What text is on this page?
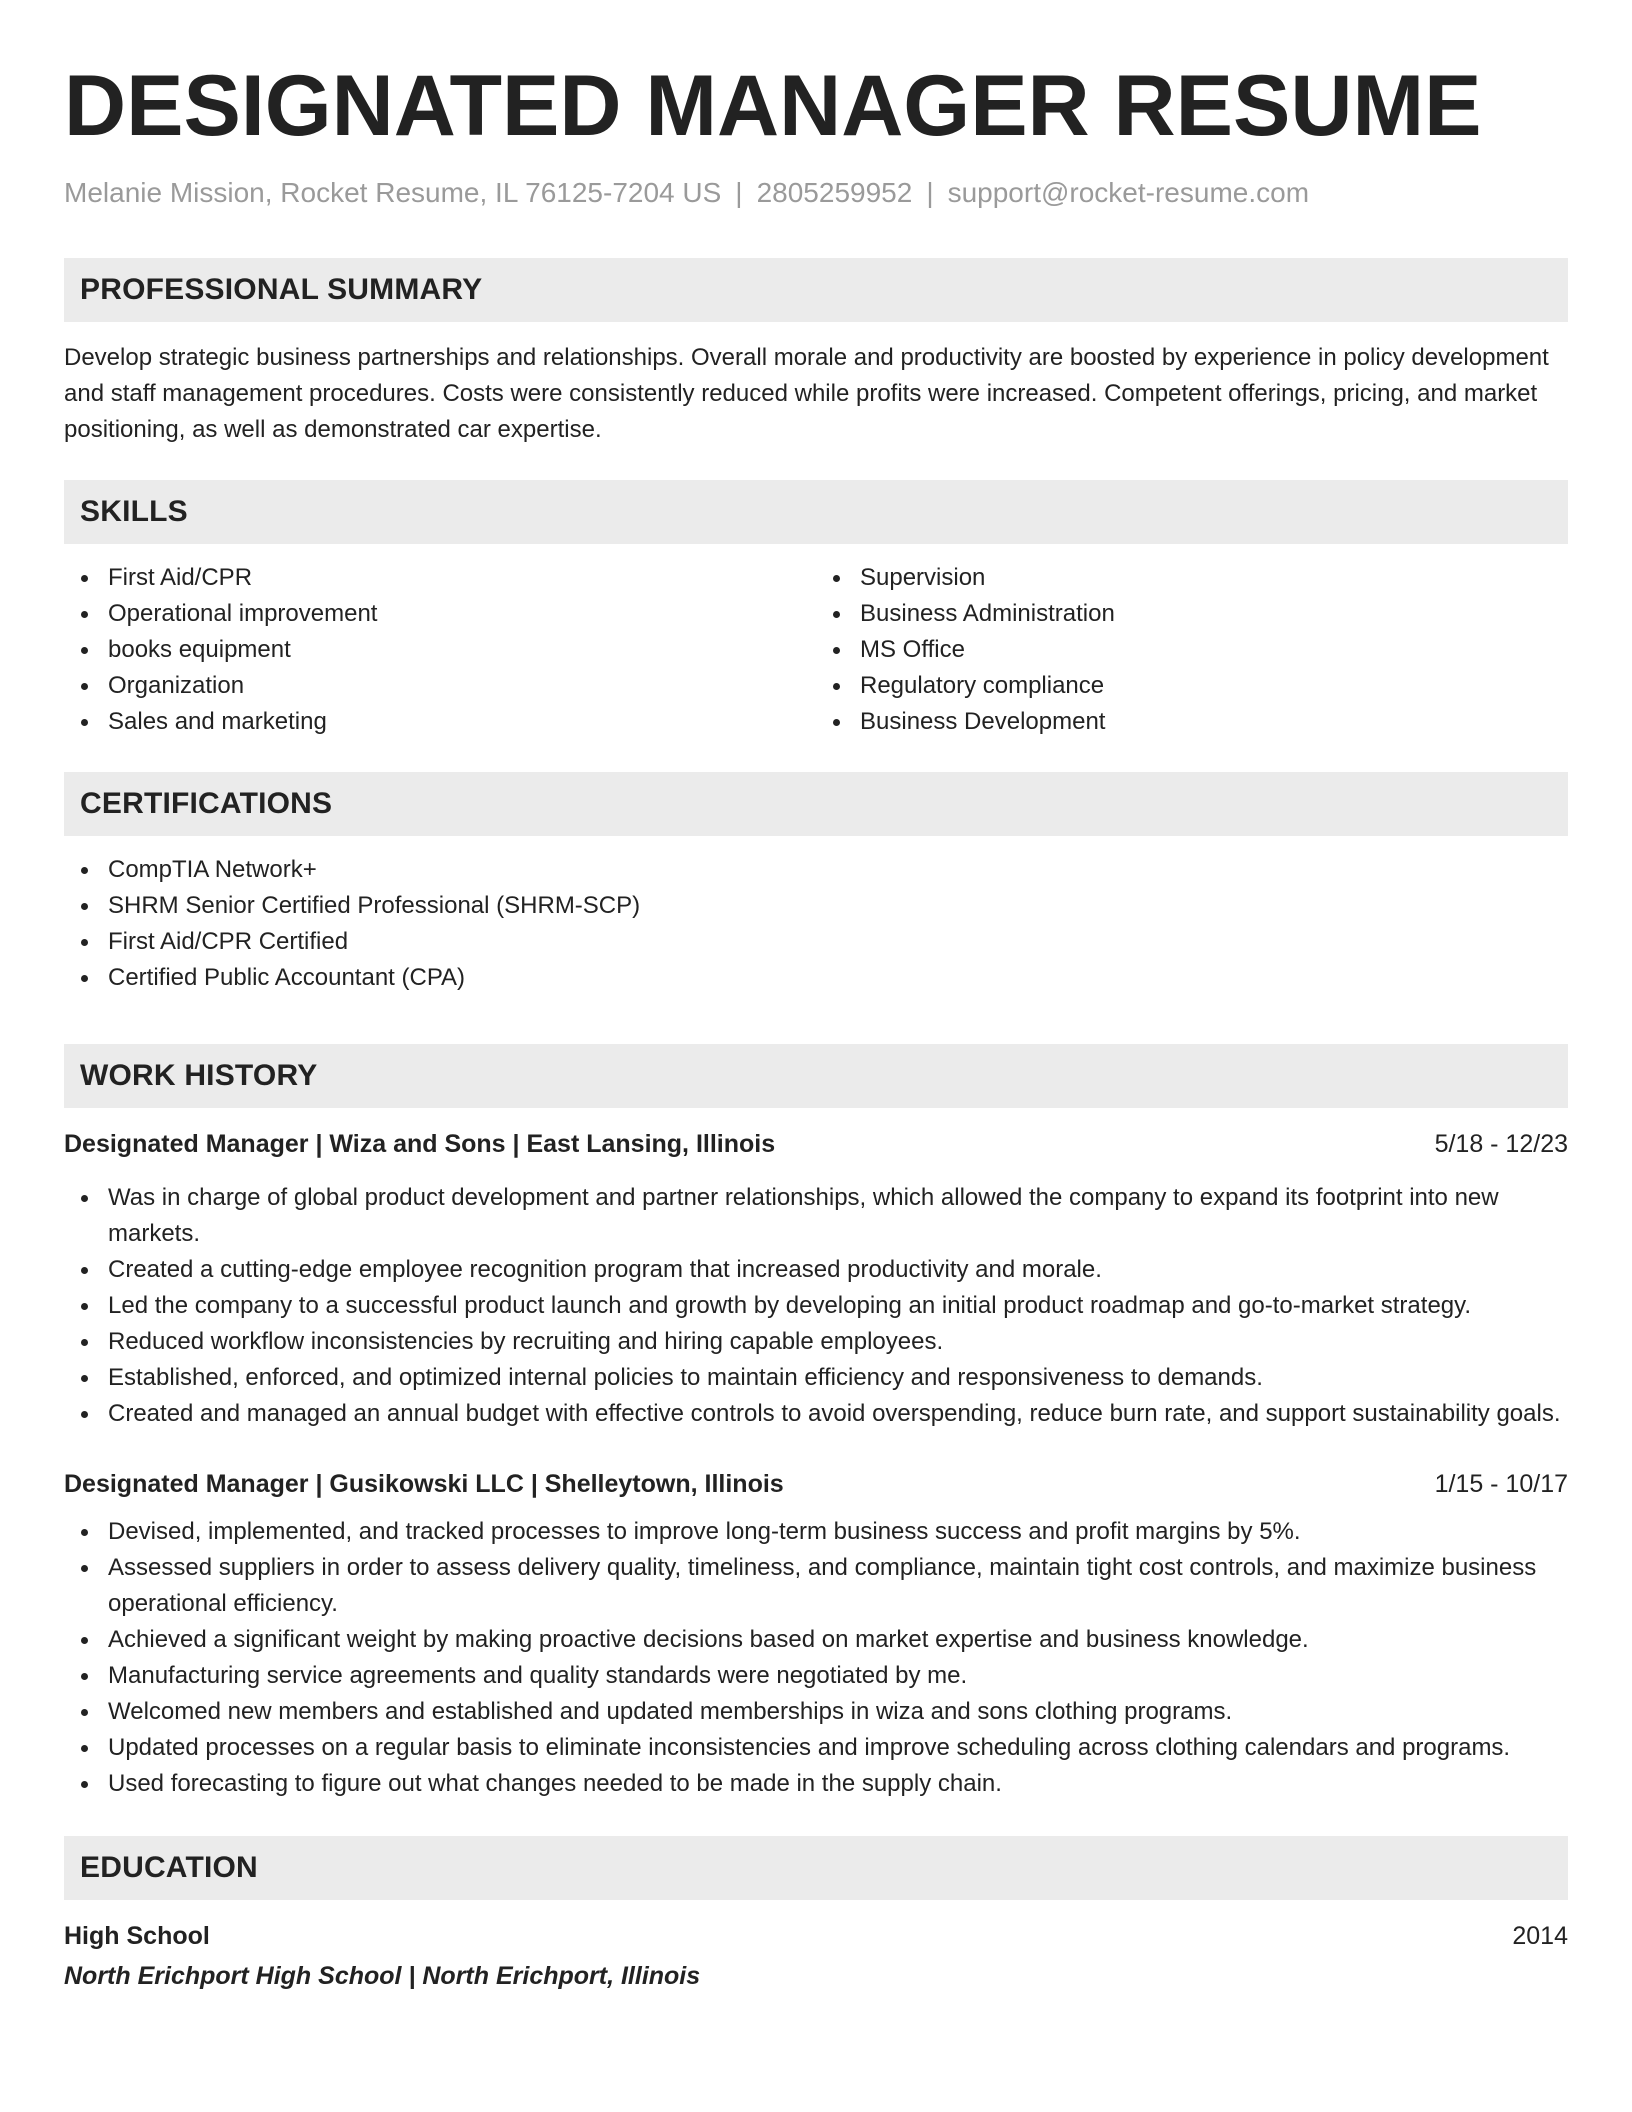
DESIGNATED MANAGER RESUME
Melanie Mission, Rocket Resume, IL 76125-7204 US | 2805259952 | support@rocket-resume.com
PROFESSIONAL SUMMARY

Develop strategic business partnerships and relationships. Overall morale and productivity are boosted by experience in policy development and staff management procedures. Costs were consistently reduced while profits were increased. Competent offerings, pricing, and market positioning, as well as demonstrated car expertise.

SKILLS
First Aid/CPR
Operational improvement
books equipment
Organization
Sales and marketing
Supervision
Business Administration
MS Office
Regulatory compliance
Business Development
CERTIFICATIONS
CompTIA Network+
SHRM Senior Certified Professional (SHRM-SCP)
First Aid/CPR Certified
Certified Public Accountant (CPA)
WORK HISTORY
Designated Manager | Wiza and Sons | East Lansing, Illinois	5/18 - 12/23
Was in charge of global product development and partner relationships, which allowed the company to expand its footprint into new markets.
Created a cutting-edge employee recognition program that increased productivity and morale.
Led the company to a successful product launch and growth by developing an initial product roadmap and go-to-market strategy.
Reduced workflow inconsistencies by recruiting and hiring capable employees.
Established, enforced, and optimized internal policies to maintain efficiency and responsiveness to demands.
Created and managed an annual budget with effective controls to avoid overspending, reduce burn rate, and support sustainability goals.
Designated Manager | Gusikowski LLC | Shelleytown, Illinois	1/15 - 10/17
Devised, implemented, and tracked processes to improve long-term business success and profit margins by 5%.
Assessed suppliers in order to assess delivery quality, timeliness, and compliance, maintain tight cost controls, and maximize business operational efficiency.
Achieved a significant weight by making proactive decisions based on market expertise and business knowledge.
Manufacturing service agreements and quality standards were negotiated by me.
Welcomed new members and established and updated memberships in wiza and sons clothing programs.
Updated processes on a regular basis to eliminate inconsistencies and improve scheduling across clothing calendars and programs.
Used forecasting to figure out what changes needed to be made in the supply chain.
EDUCATION
High School	2014
North Erichport High School | North Erichport, Illinois
